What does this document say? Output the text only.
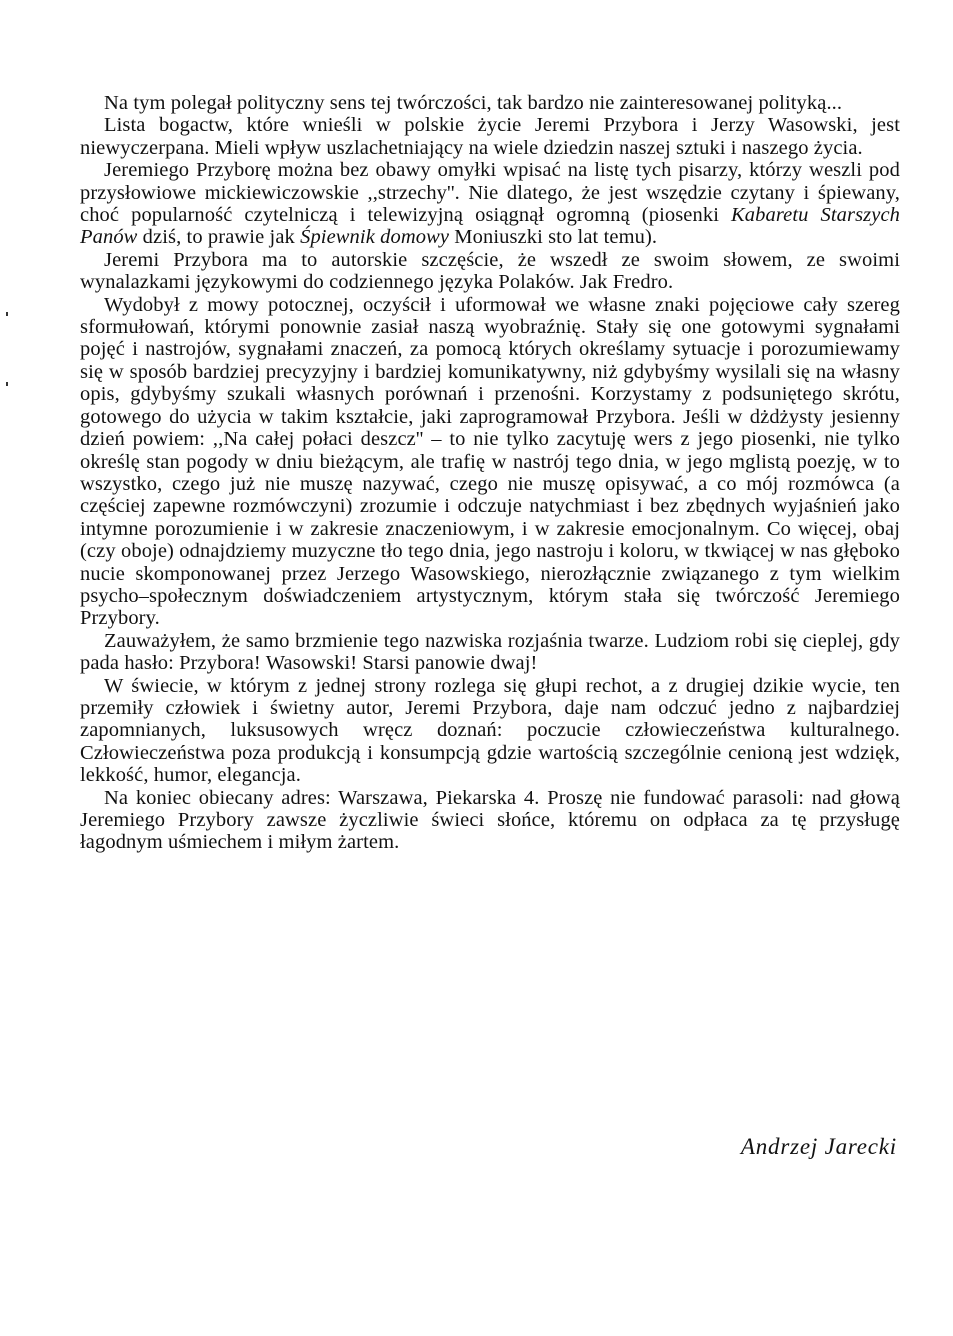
Na tym polegał polityczny sens tej twórczości, tak bardzo nie zainteresowanej polityką...

Lista bogactw, które wnieśli w polskie życie Jeremi Przybora i Jerzy Wasowski, jest niewyczerpana. Mieli wpływ uszlachetniający na wiele dziedzin naszej sztuki i naszego życia.

Jeremiego Przyborę można bez obawy omyłki wpisać na listę tych pisarzy, którzy weszli pod przysłowiowe mickiewiczowskie ,,strzechy''. Nie dlatego, że jest wszędzie czytany i śpiewany, choć popularność czytelniczą i telewizyjną osiągnął ogromną (piosenki Kabaretu Starszych Panów dziś, to prawie jak Śpiewnik domowy Moniuszki sto lat temu).

Jeremi Przybora ma to autorskie szczęście, że wszedł ze swoim słowem, ze swoimi wynalazkami językowymi do codziennego języka Polaków. Jak Fredro.

Wydobył z mowy potocznej, oczyścił i uformował we własne znaki pojęciowe cały szereg sformułowań, którymi ponownie zasiał naszą wyobraźnię. Stały się one gotowymi sygnałami pojęć i nastrojów, sygnałami znaczeń, za pomocą których określamy sytuacje i porozumiewamy się w sposób bardziej precyzyjny i bardziej komunikatywny, niż gdybyśmy wysilali się na własny opis, gdybyśmy szukali własnych porównań i przenośni. Korzystamy z podsuniętego skrótu, gotowego do użycia w takim kształcie, jaki zaprogramował Przybora. Jeśli w dżdżysty jesienny dzień powiem: ,,Na całej połaci deszcz'' – to nie tylko zacytuję wers z jego piosenki, nie tylko określę stan pogody w dniu bieżącym, ale trafię w nastrój tego dnia, w jego mglistą poezję, w to wszystko, czego już nie muszę nazywać, czego nie muszę opisywać, a co mój rozmówca (a częściej zapewne rozmówczyni) zrozumie i odczuje natychmiast i bez zbędnych wyjaśnień jako intymne porozumienie i w zakresie znaczeniowym, i w zakresie emocjonalnym. Co więcej, obaj (czy oboje) odnajdziemy muzyczne tło tego dnia, jego nastroju i koloru, w tkwiącej w nas głęboko nucie skomponowanej przez Jerzego Wasowskiego, nierozłącznie związanego z tym wielkim psycho–społecznym doświadczeniem artystycznym, którym stała się twórczość Jeremiego Przybory.

Zauważyłem, że samo brzmienie tego nazwiska rozjaśnia twarze. Ludziom robi się cieplej, gdy pada hasło: Przybora! Wasowski! Starsi panowie dwaj!

W świecie, w którym z jednej strony rozlega się głupi rechot, a z drugiej dzikie wycie, ten przemiły człowiek i świetny autor, Jeremi Przybora, daje nam odczuć jedno z najbardziej zapomnianych, luksusowych wręcz doznań: poczucie człowieczeństwa kulturalnego. Człowieczeństwa poza produkcją i konsumpcją gdzie wartością szczególnie cenioną jest wdzięk, lekkość, humor, elegancja.

Na koniec obiecany adres: Warszawa, Piekarska 4. Proszę nie fundować parasoli: nad głową Jeremiego Przybory zawsze życzliwie świeci słońce, któremu on odpłaca za tę przysługę łagodnym uśmiechem i miłym żartem.

Andrzej Jarecki
